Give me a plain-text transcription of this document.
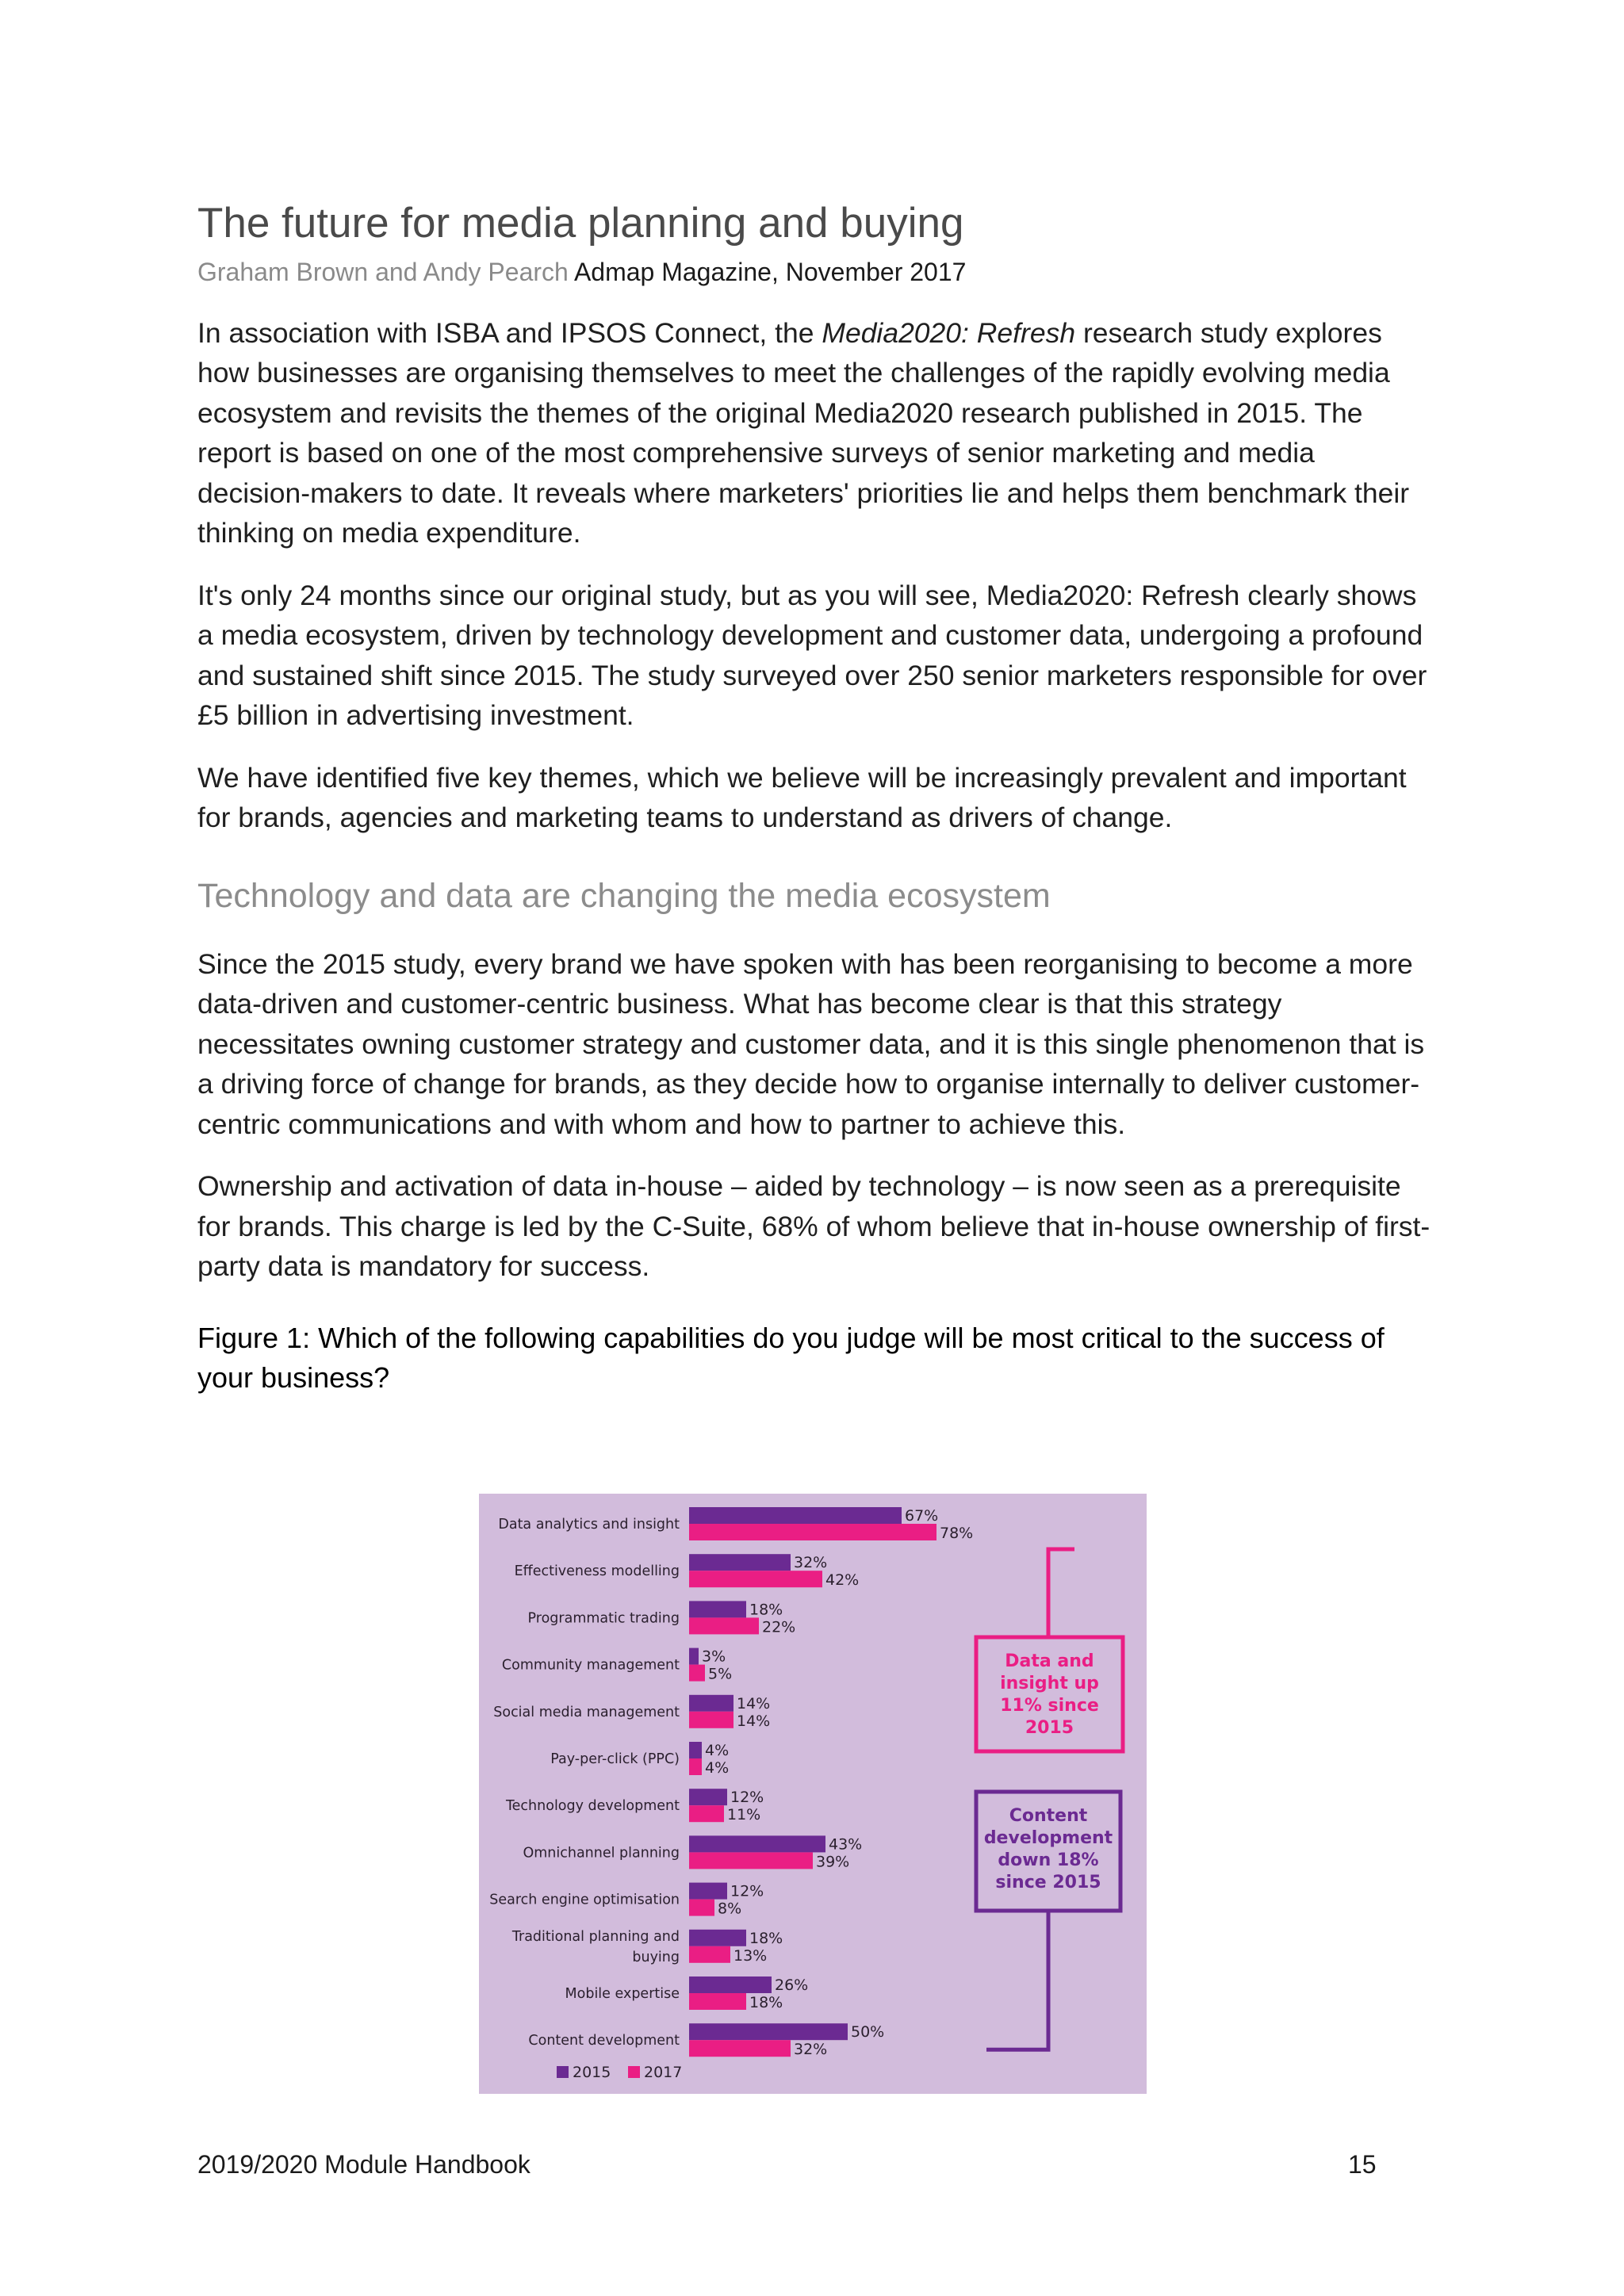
The future for media planning and buying
Graham Brown and Andy Pearch Admap Magazine, November 2017

In association with ISBA and IPSOS Connect, the Media2020: Refresh research study explores how businesses are organising themselves to meet the challenges of the rapidly evolving media ecosystem and revisits the themes of the original Media2020 research published in 2015. The report is based on one of the most comprehensive surveys of senior marketing and media decision-makers to date. It reveals where marketers' priorities lie and helps them benchmark their thinking on media expenditure.

It's only 24 months since our original study, but as you will see, Media2020: Refresh clearly shows a media ecosystem, driven by technology development and customer data, undergoing a profound and sustained shift since 2015. The study surveyed over 250 senior marketers responsible for over £5 billion in advertising investment.

We have identified five key themes, which we believe will be increasingly prevalent and important for brands, agencies and marketing teams to understand as drivers of change.

Technology and data are changing the media ecosystem

Since the 2015 study, every brand we have spoken with has been reorganising to become a more data-driven and customer-centric business. What has become clear is that this strategy necessitates owning customer strategy and customer data, and it is this single phenomenon that is a driving force of change for brands, as they decide how to organise internally to deliver customer-centric communications and with whom and how to partner to achieve this.

Ownership and activation of data in-house – aided by technology – is now seen as a prerequisite for brands. This charge is led by the C-Suite, 68% of whom believe that in-house ownership of first-party data is mandatory for success.

Figure 1: Which of the following capabilities do you judge will be most critical to the success of your business?

Data analytics and insight	67%
78%
Effectiveness modelling	32%
42%
Programmatic trading	18%
22%
Community management 3%
5%
Social media management	14%
14%
Pay-per-click (PPC) 4%
4%
Technology development	12%
11%
Omnichannel planning	43%
39%
Search engine optimisation	12%
8%
Traditional planning and
buying
18%
13%
Mobile expertise	26%
18%
Content development	50%
32%
Data and
insight up
11% since
2015
Content
development
down 18%
since 2015
2015 2017
2019/2020 Module Handbook	15
